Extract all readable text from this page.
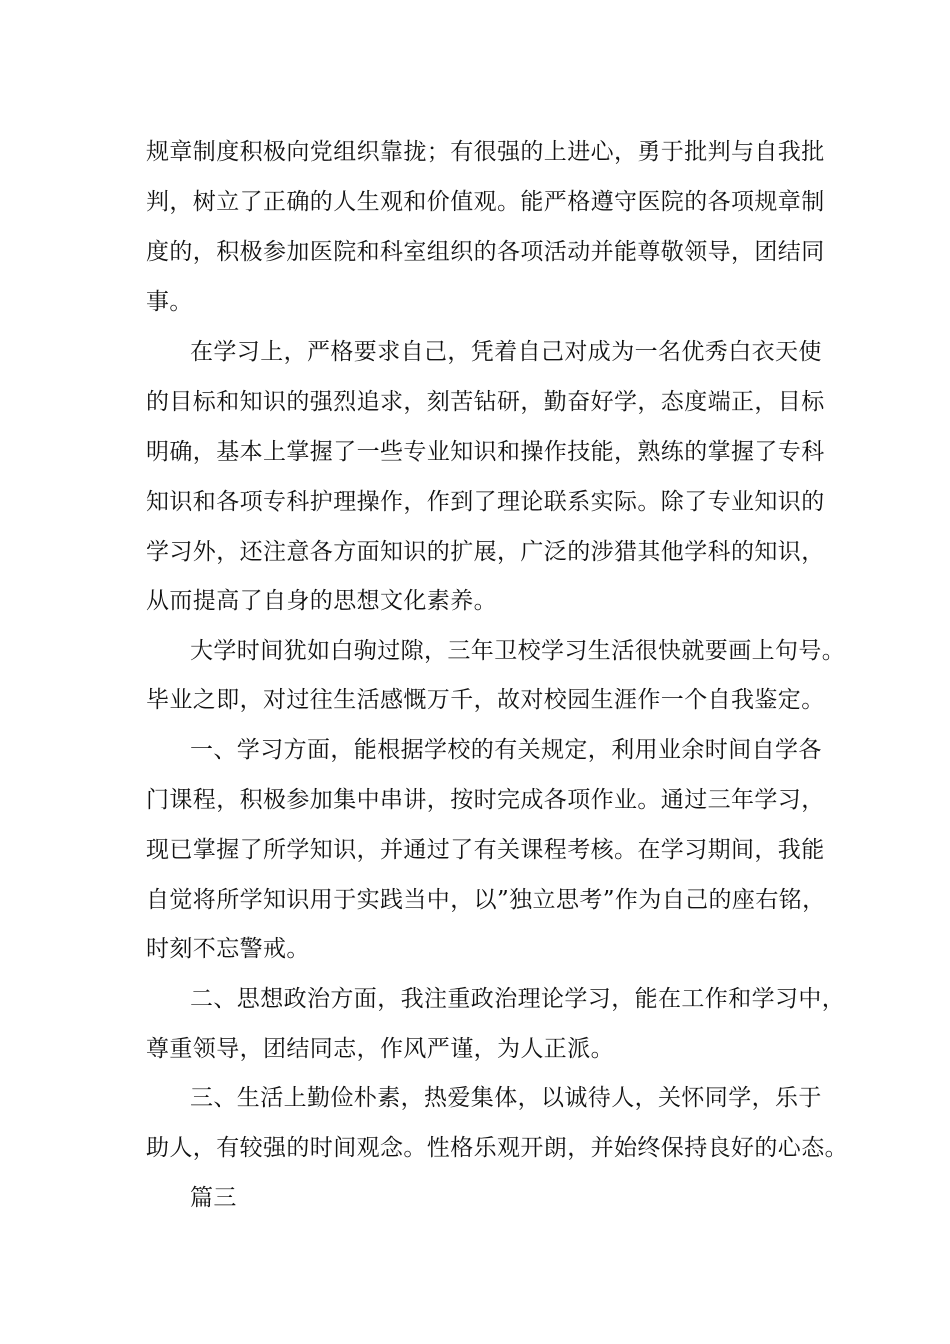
规章制度积极向党组织靠拢；有很强的上进心，勇于批判与自我批

判，树立了正确的人生观和价值观。能严格遵守医院的各项规章制

度的，积极参加医院和科室组织的各项活动并能尊敬领导，团结同

事。

在学习上，严格要求自己，凭着自己对成为一名优秀白衣天使

的目标和知识的强烈追求，刻苦钻研，勤奋好学，态度端正，目标

明确，基本上掌握了一些专业知识和操作技能，熟练的掌握了专科

知识和各项专科护理操作，作到了理论联系实际。除了专业知识的

学习外，还注意各方面知识的扩展，广泛的涉猎其他学科的知识，

从而提高了自身的思想文化素养。

大学时间犹如白驹过隙，三年卫校学习生活很快就要画上句号。

毕业之即，对过往生活感慨万千，故对校园生涯作一个自我鉴定。

一、学习方面，能根据学校的有关规定，利用业余时间自学各

门课程，积极参加集中串讲，按时完成各项作业。通过三年学习，

现已掌握了所学知识，并通过了有关课程考核。在学习期间，我能

自觉将所学知识用于实践当中，以”独立思考”作为自己的座右铭，

时刻不忘警戒。

二、思想政治方面，我注重政治理论学习，能在工作和学习中，

尊重领导，团结同志，作风严谨，为人正派。

三、生活上勤俭朴素，热爱集体，以诚待人，关怀同学，乐于

助人，有较强的时间观念。性格乐观开朗，并始终保持良好的心态。

篇三
